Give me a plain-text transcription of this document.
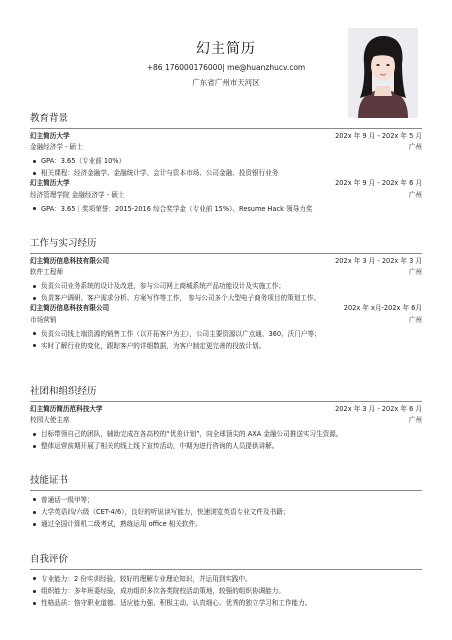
幻主简历
+86 176000176000| me@huanzhucv.com
广东省广州市天河区
教育背景
幻主简历大学	202x 年 9 月 - 202x 年 5 月
金融经济学 - 硕士	广州
GPA：3.65（专业前 10%）
相关课程：经济金融学、金融统计学、会计与资本市场、公司金融、投资银行业务
幻主简历大学	202x 年 9 月 - 202x 年 6 月
经济管理学院 金融经济学 - 硕士	广州
GPA：3.65｜奖项荣誉：2015-2016 综合奖学金（专业前 15%）、Resume Hack 领导力奖
工作与实习经历
幻主简历信息科技有限公司	202x 年 3 月 - 202x 年 3 月
软件工程师	广州
负责公司业务系统的设计及改进，参与公司网上商城系统产品功能设计及实施工作；
负责客户调研、客户需求分析、方案写作等工作， 参与公司多个大型电子商务项目的策划工作。
幻主简历信息科技有限公司	202x 年 x月-202x 年 6月
市场营销	广州
负责公司线上端资源的销售工作（以开拓客户为主），公司主要资源以广点通、360、沃门户等；
实时了解行业的变化，跟踪客户的详细数据，为客户制定更完善的投放计划。
社团和组织经历
幻主简历简历范科技大学	202x 年 3 月 - 202x 年 6 月
校园大使主席	广州
目标带领自己的团队，辅助完成在各高校的“优差计划”，向全球顶尖的 AXA 金融公司推送实习生资源。
整体运营前期开展了相关的线上线下宣传活动，中期为进行咨询的人员提供讲解。
技能证书
普通话一级甲等；
大学英语四/六级（CET-4/6），良好的听说读写能力，快速浏览英语专业文件及书籍；
通过全国计算机二级考试，熟练运用 office 相关软件。
自我评价
专业能力：2 份实训经验，较好的理解专业理论知识，并运用到实践中。
组织能力：多年班委经验，成功组织多次各类院校活动策地，较强的组织协调能力。
性格品质：恪守职业道德、适应能力强、积极主动、认真细心、优秀的独立学习和工作能力。
